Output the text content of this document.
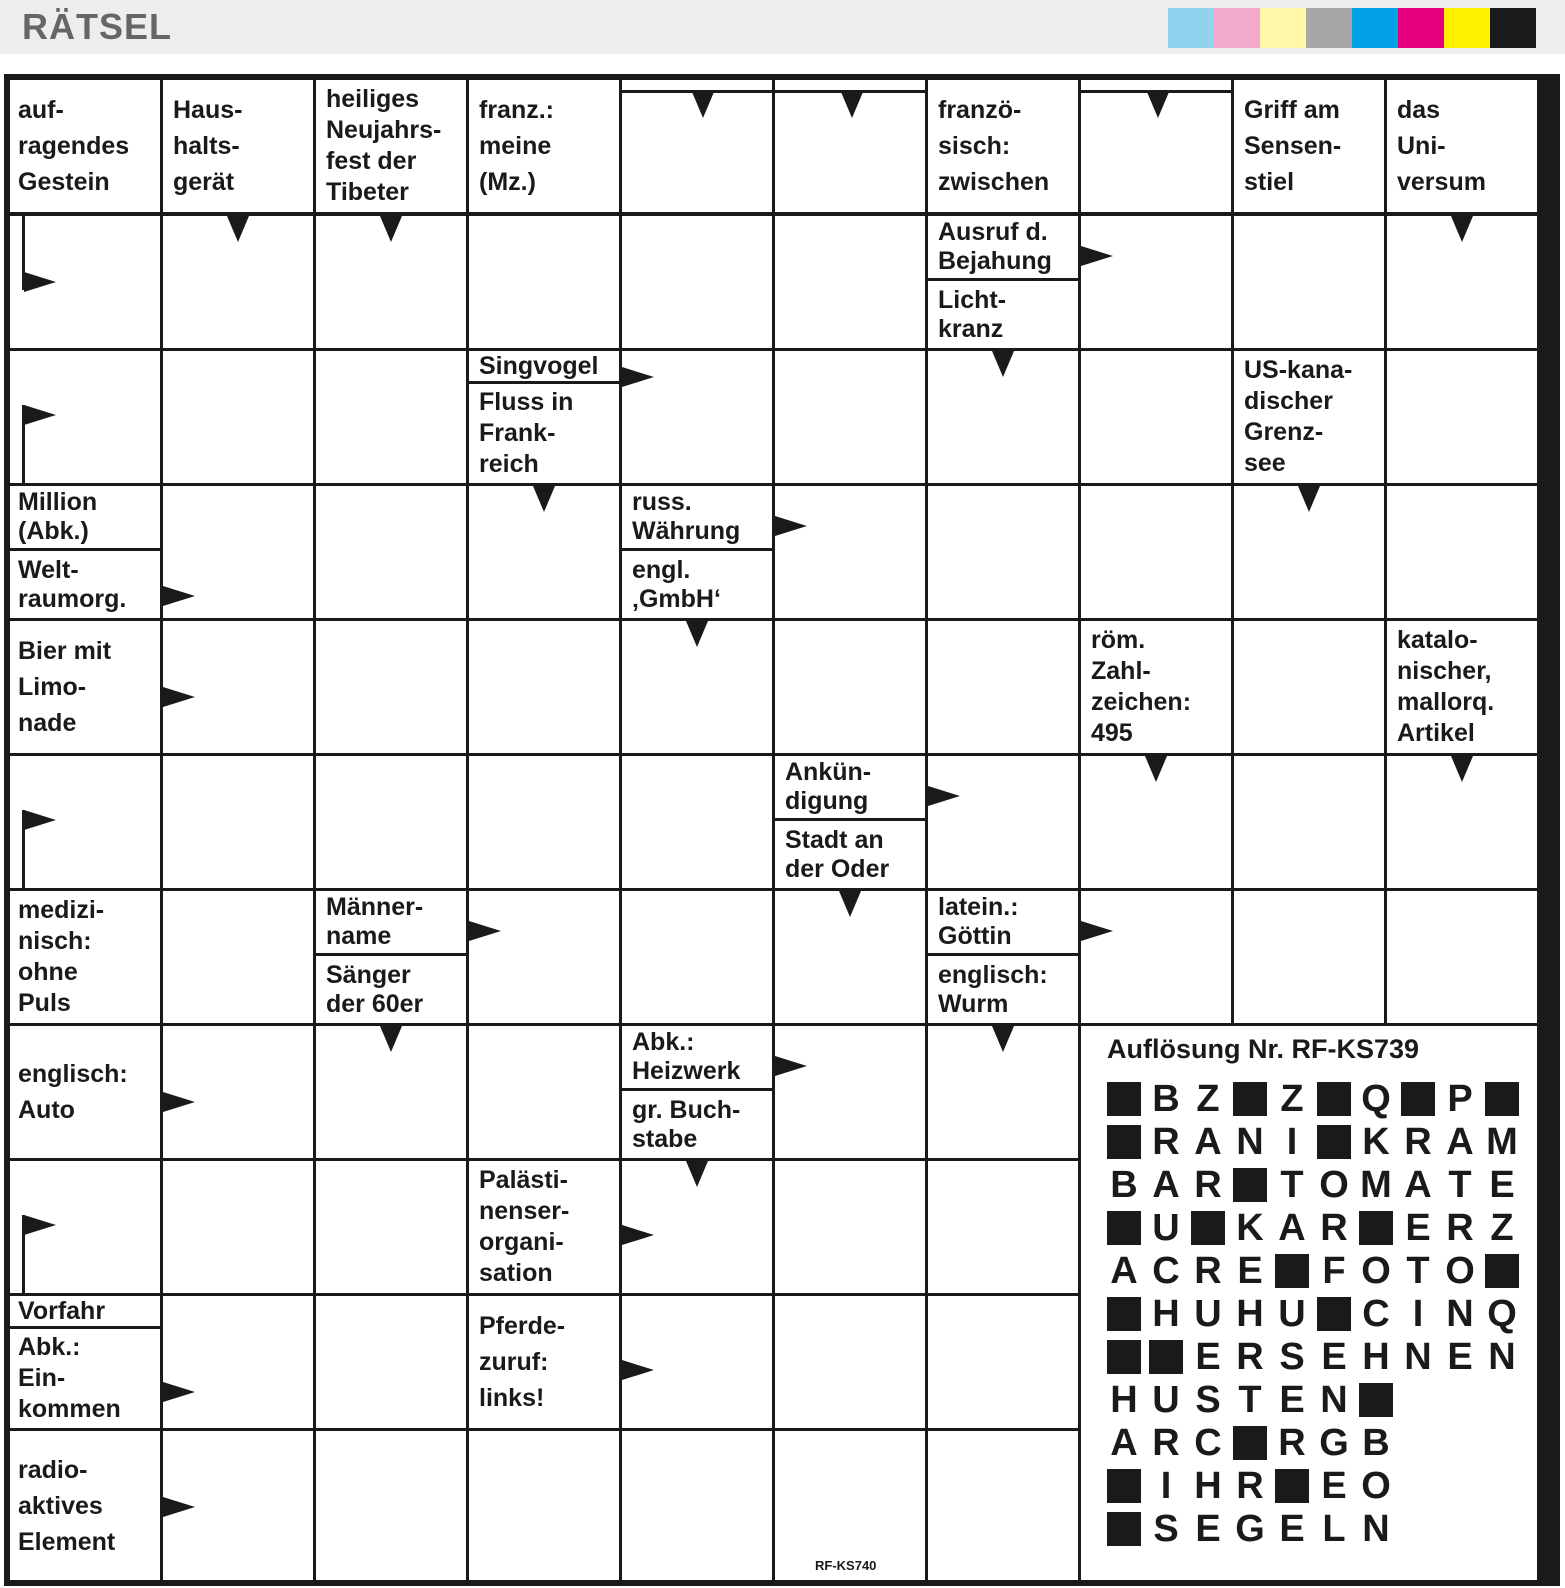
RÄTSEL
auf-
ragendes
Gestein
Haus-
halts-
gerät
heiliges
Neujahrs-
fest der
Tibeter
franz.:
meine
(Mz.)
franzö-
sisch:
zwischen
Griff am
Sensen-
stiel
das
Uni-
versum
Ausruf d.
Bejahung
Licht-
kranz
Singvogel
Fluss in
Frank-
reich
US-kana-
discher
Grenz-
see
Million
(Abk.)
Welt-
raumorg.
russ.
Währung
engl.
‚GmbH‘
Bier mit
Limo-
nade
röm.
Zahl-
zeichen:
495
katalo-
nischer,
mallorq.
Artikel
Ankün-
digung
Stadt an
der Oder
medizi-
nisch:
ohne
Puls
Männer-
name
Sänger
der 60er
latein.:
Göttin
englisch:
Wurm
englisch:
Auto
Abk.:
Heizwerk
gr. Buch-
stabe
Palästi-
nenser-
organi-
sation
Vorfahr
Abk.:
Ein-
kommen
Pferde-
zuruf:
links!
radio-
aktives
Element
RF-KS740
Auflösung Nr. RF-KS739
B Z Z Q P
R A N I	K R A M
B A R T O M A T E
U K A R E R Z
A C R E F O T O
H U H U C I N Q
E R S E H N E N
H U S T E N
A R C R G B
I H R E O
S E G E L N
